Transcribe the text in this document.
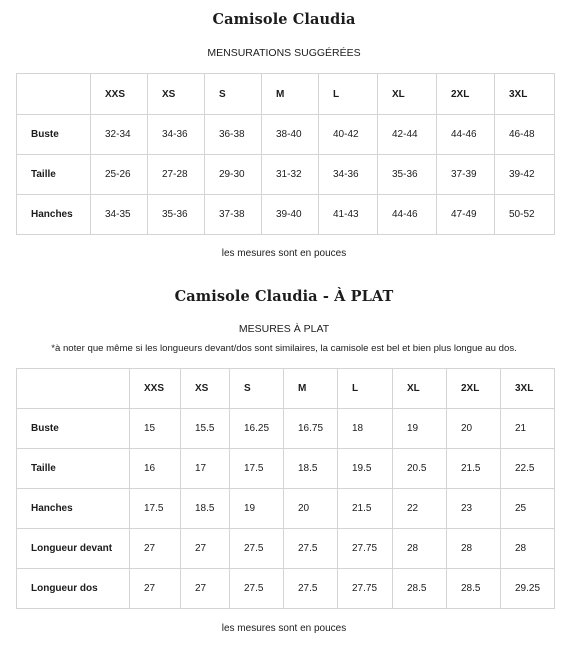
Camisole Claudia
MENSURATIONS SUGGÉRÉES
	XXS	XS	S	M	L	XL	2XL	3XL
Buste	32-34	34-36	36-38	38-40	40-42	42-44	44-46	46-48
Taille	25-26	27-28	29-30	31-32	34-36	35-36	37-39	39-42
Hanches	34-35	35-36	37-38	39-40	41-43	44-46	47-49	50-52
les mesures sont en pouces
Camisole Claudia - À PLAT
MESURES À PLAT
*à noter que même si les longueurs devant/dos sont similaires, la camisole est bel et bien plus longue au dos.
	XXS	XS	S	M	L	XL	2XL	3XL
Buste	15	15.5	16.25	16.75	18	19	20	21
Taille	16	17	17.5	18.5	19.5	20.5	21.5	22.5
Hanches	17.5	18.5	19	20	21.5	22	23	25
Longueur devant	27	27	27.5	27.5	27.75	28	28	28
Longueur dos	27	27	27.5	27.5	27.75	28.5	28.5	29.25
les mesures sont en pouces
